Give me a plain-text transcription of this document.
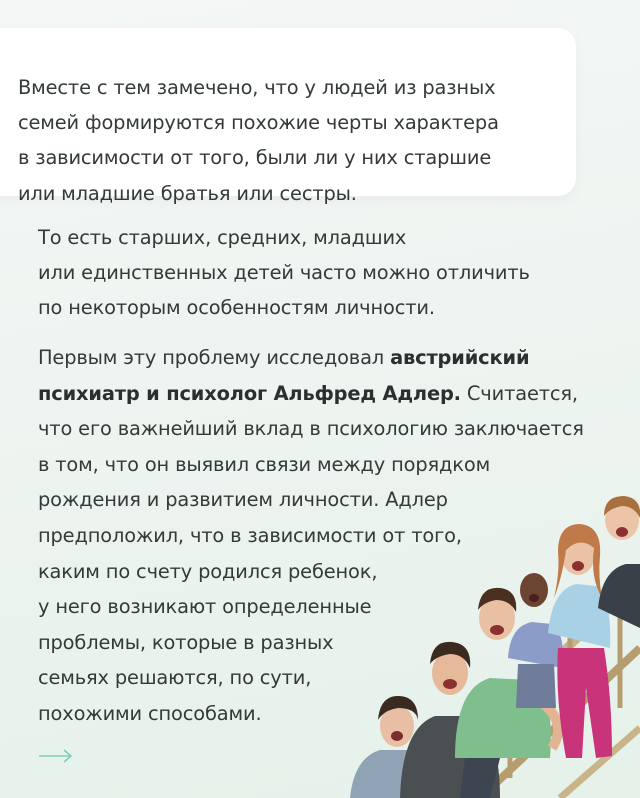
Вместе с тем замечено, что у людей из разных
семей формируются похожие черты характера
в зависимости от того, были ли у них старшие
или младшие братья или сестры.
То есть старших, средних, младших
или единственных детей часто можно отличить
по некоторым особенностям личности.
Первым эту проблему исследовал австрийский
психиатр и психолог Альфред Адлер. Считается,
что его важнейший вклад в психологию заключается
в том, что он выявил связи между порядком
рождения и развитием личности. Адлер
предположил, что в зависимости от того,
каким по счету родился ребенок,
у него возникают определенные
проблемы, которые в разных
семьях решаются, по сути,
похожими способами.
